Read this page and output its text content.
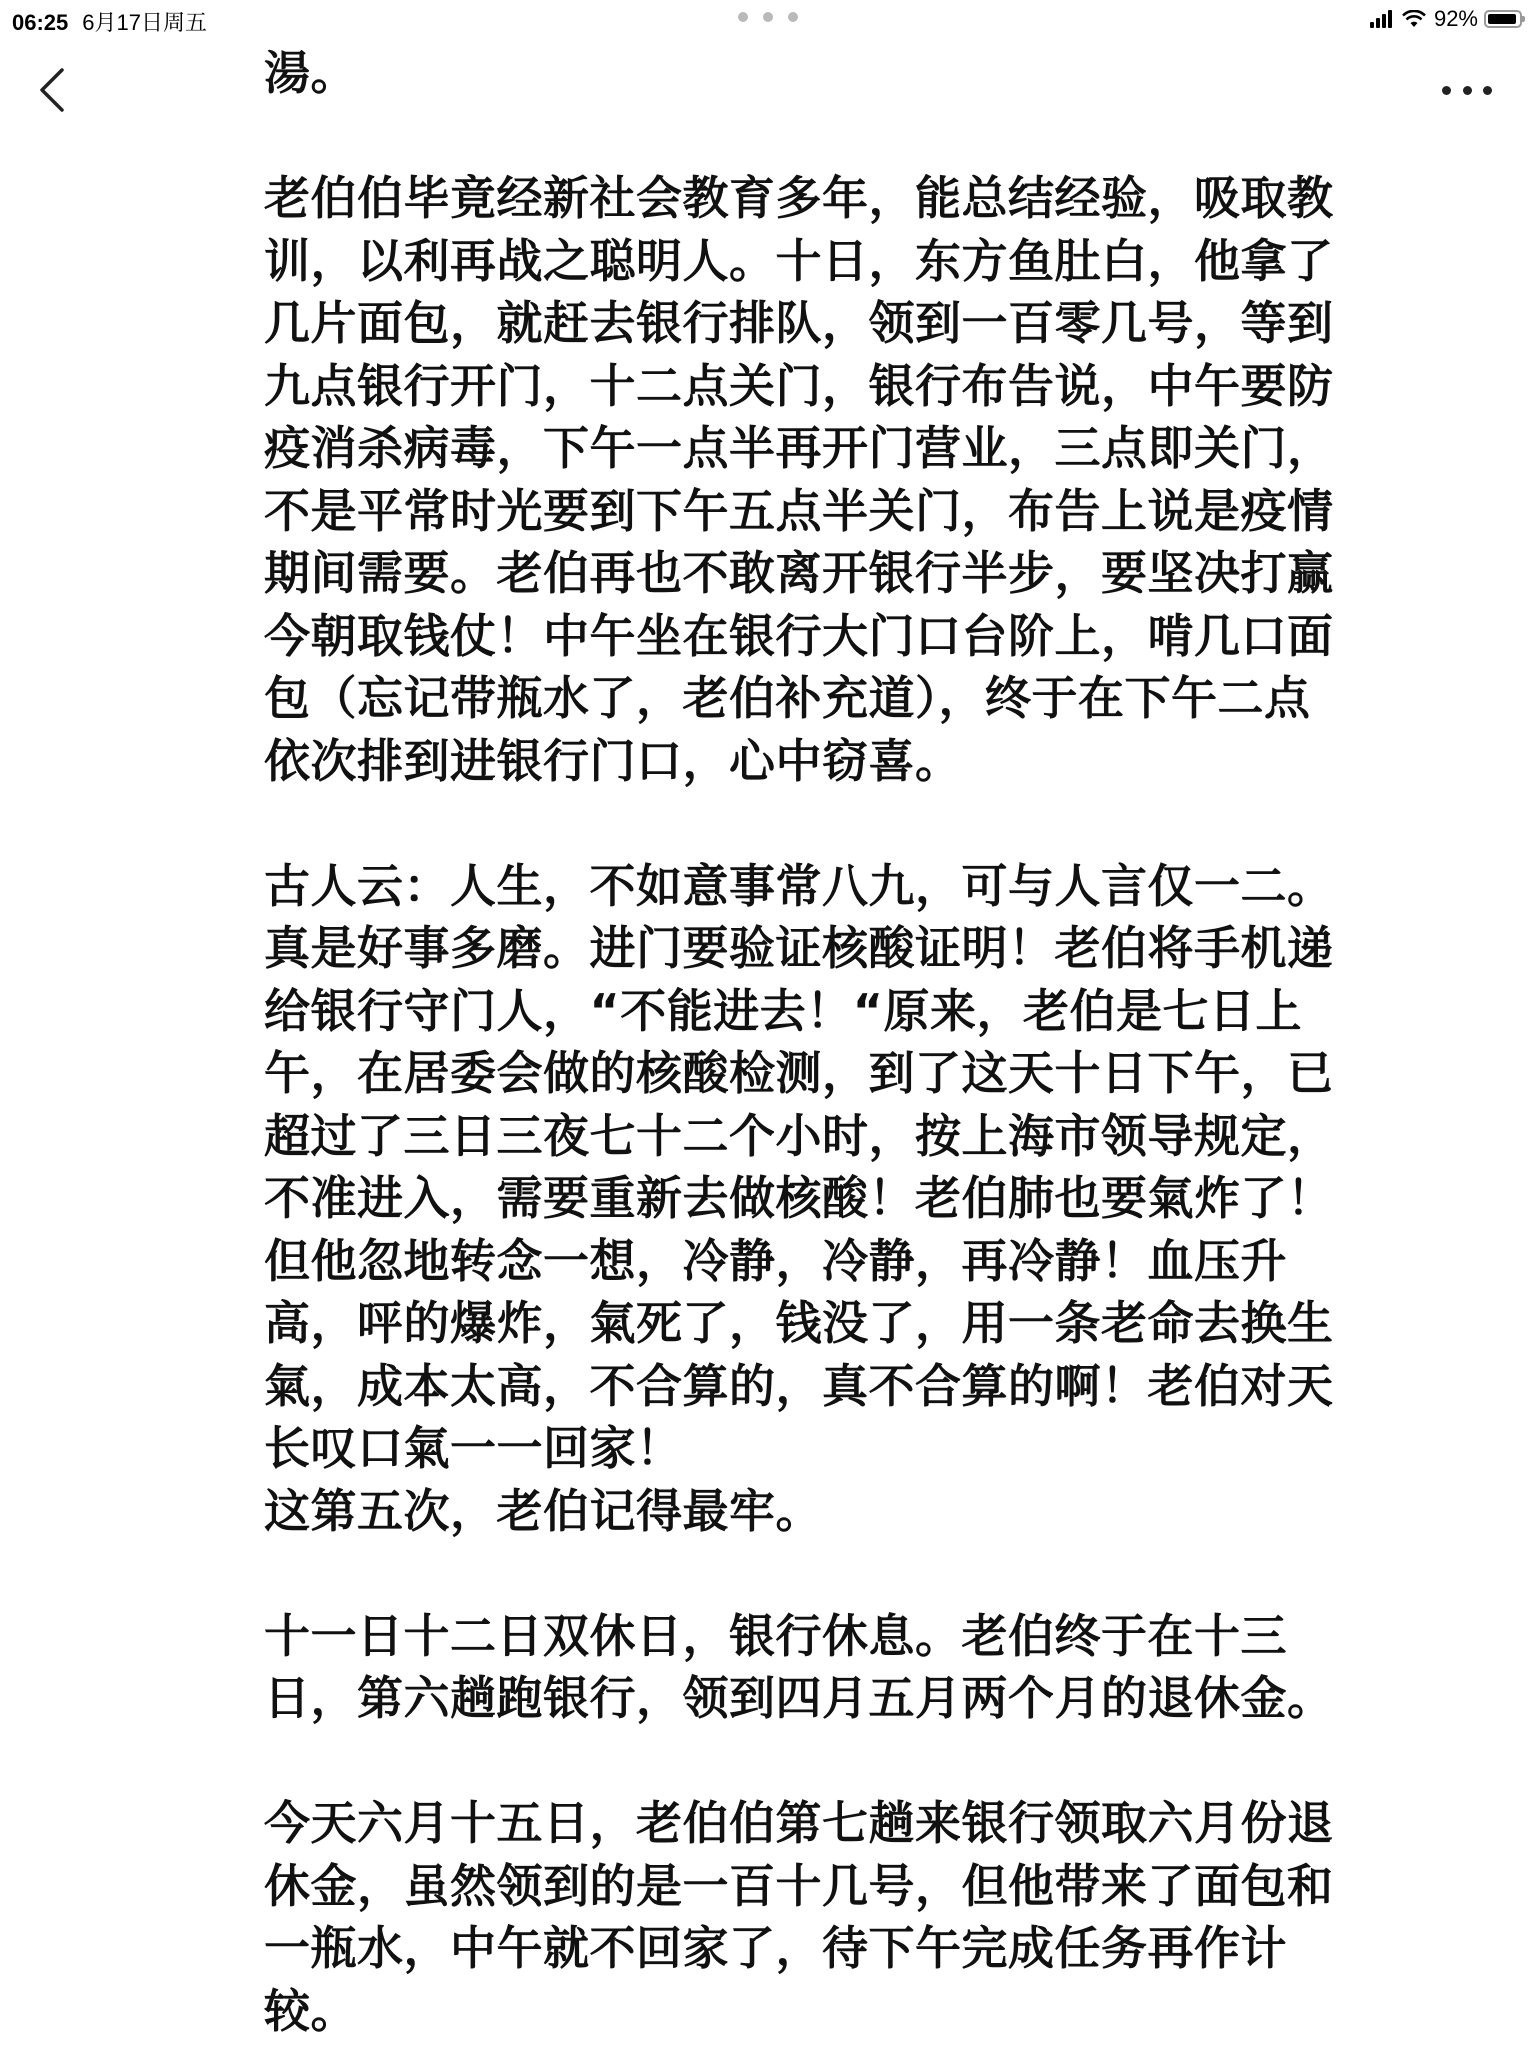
06:25 6月17日周五	92%

湯。

老伯伯毕竟经新社会教育多年，能总结经验，吸取教

训，以利再战之聪明人。十日，东方鱼肚白，他拿了

几片面包，就赶去银行排队，领到一百零几号，等到

九点银行开门，十二点关门，银行布告说，中午要防

疫消杀病毒，下午一点半再开门营业，三点即关门，

不是平常时光要到下午五点半关门，布告上说是疫情

期间需要。老伯再也不敢离开银行半步，要坚决打赢

今朝取钱仗！中午坐在银行大门口台阶上，啃几口面

包（忘记带瓶水了，老伯补充道），终于在下午二点

依次排到进银行门口，心中窃喜。

古人云：人生，不如意事常八九，可与人言仅一二。

真是好事多磨。进门要验证核酸证明！老伯将手机递

给银行守门人，“不能进去！“原来，老伯是七日上

午，在居委会做的核酸检测，到了这天十日下午，已

超过了三日三夜七十二个小时，按上海市领导规定，

不准进入，需要重新去做核酸！老伯肺也要氣炸了！

但他忽地转念一想，冷静，冷静，再冷静！血压升

高，呯的爆炸，氣死了，钱没了，用一条老命去换生

氣，成本太高，不合算的，真不合算的啊！老伯对天

长叹口氣一一回家！

这第五次，老伯记得最牢。

十一日十二日双休日，银行休息。老伯终于在十三

日，第六趟跑银行，领到四月五月两个月的退休金。

今天六月十五日，老伯伯第七趟来银行领取六月份退

休金，虽然领到的是一百十几号，但他带来了面包和

一瓶水，中午就不回家了，待下午完成任务再作计

较。
